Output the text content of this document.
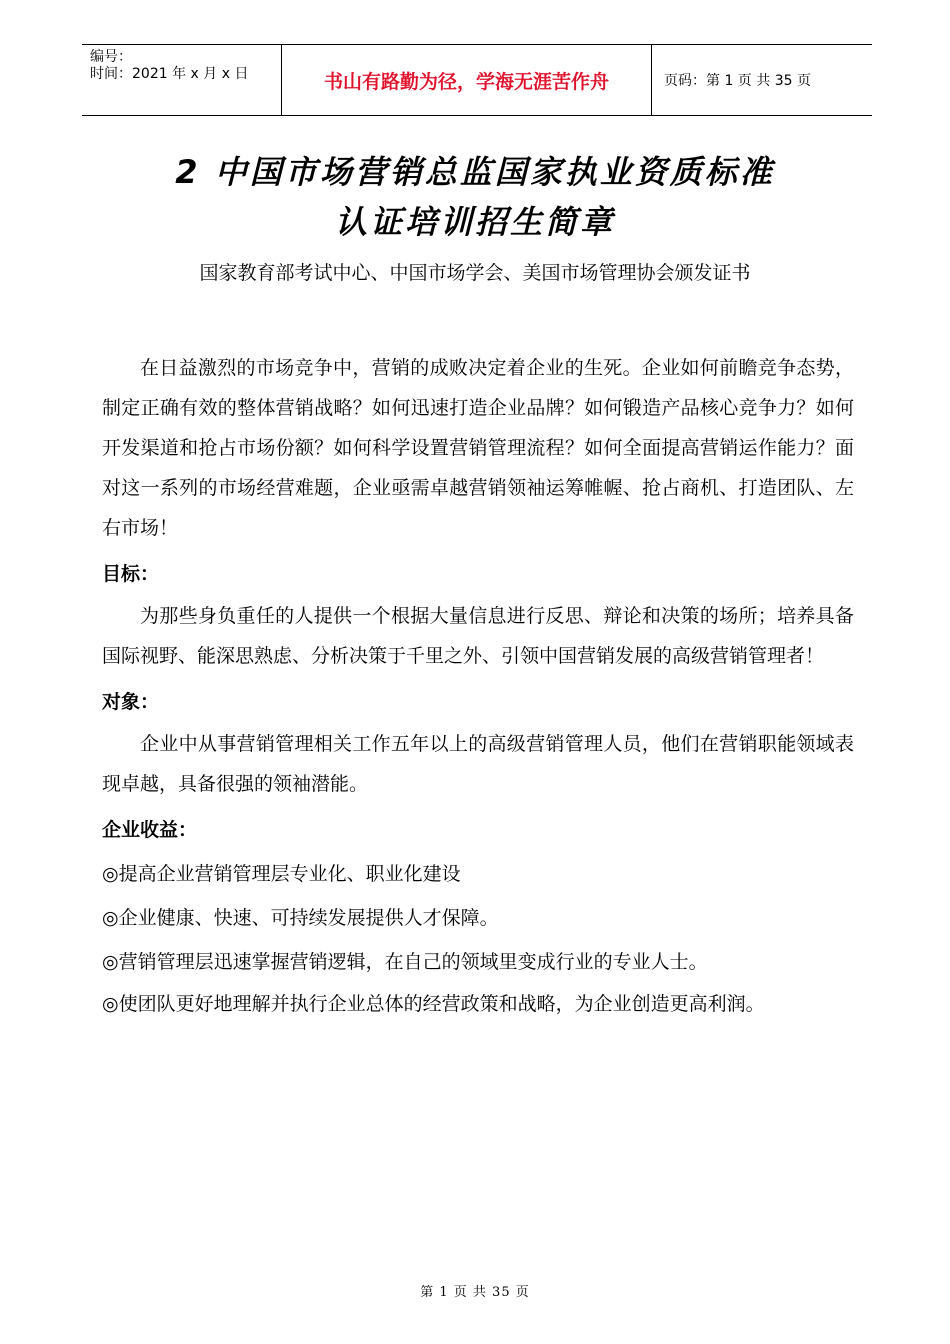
编号：
时间：2021 年 x 月 x 日	书山有路勤为径，学海无涯苦作舟	页码：第 1 页 共 35 页
2 中国市场营销总监国家执业资质标准
认证培训招生简章
国家教育部考试中心、中国市场学会、美国市场管理协会颁发证书

在日益激烈的市场竞争中，营销的成败决定着企业的生死。企业如何前瞻竞争态势，制定正确有效的整体营销战略？如何迅速打造企业品牌？如何锻造产品核心竞争力？如何开发渠道和抢占市场份额？如何科学设置营销管理流程？如何全面提高营销运作能力？面对这一系列的市场经营难题，企业亟需卓越营销领袖运筹帷幄、抢占商机、打造团队、左右市场！

目标：

为那些身负重任的人提供一个根据大量信息进行反思、辩论和决策的场所；培养具备国际视野、能深思熟虑、分析决策于千里之外、引领中国营销发展的高级营销管理者！

对象：

企业中从事营销管理相关工作五年以上的高级营销管理人员，他们在营销职能领域表现卓越，具备很强的领袖潜能。

企业收益：

◎提高企业营销管理层专业化、职业化建设

◎企业健康、快速、可持续发展提供人才保障。

◎营销管理层迅速掌握营销逻辑，在自己的领域里变成行业的专业人士。

◎使团队更好地理解并执行企业总体的经营政策和战略，为企业创造更高利润。

第 1 页 共 35 页
